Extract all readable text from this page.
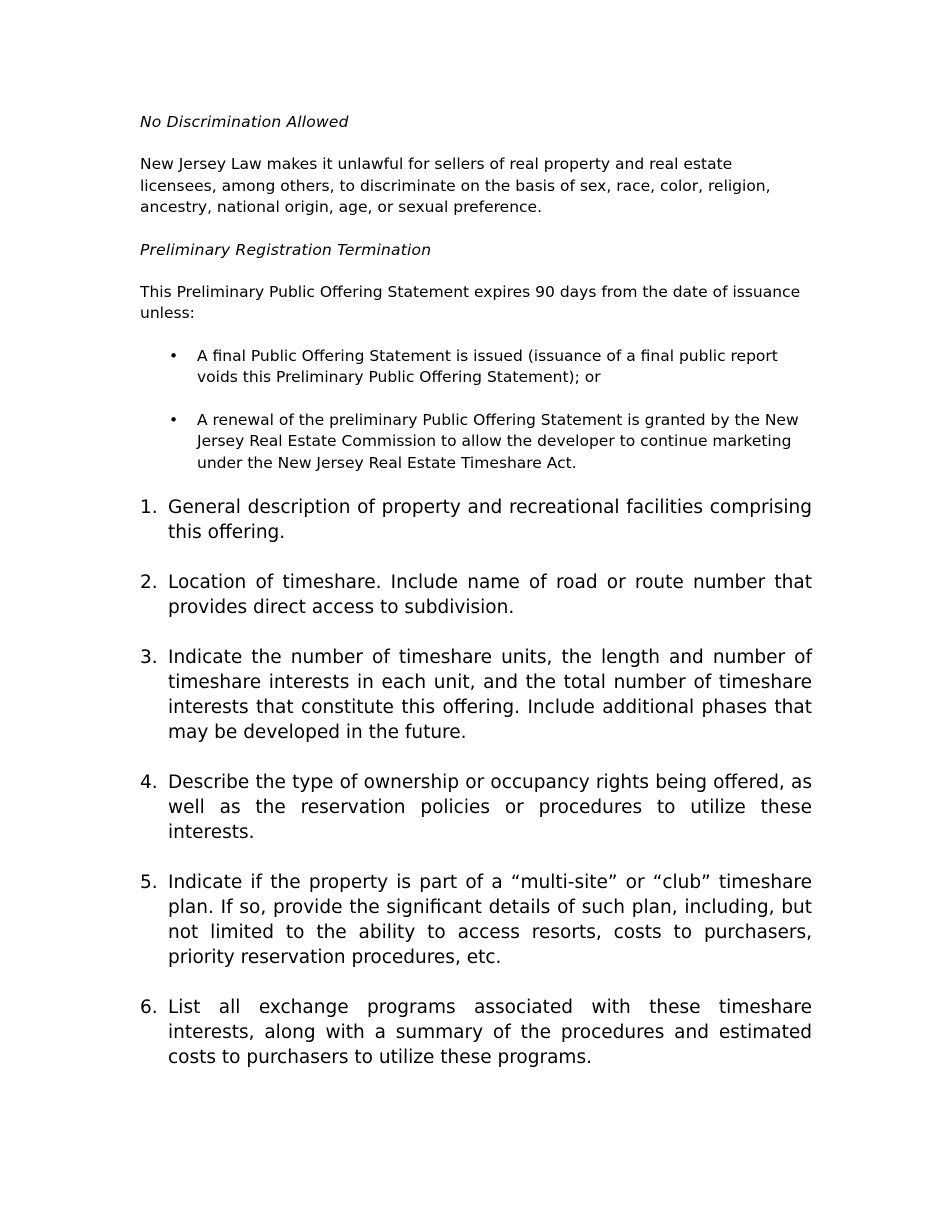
No Discrimination Allowed

New Jersey Law makes it unlawful for sellers of real property and real estate licensees, among others, to discriminate on the basis of sex, race, color, religion, ancestry, national origin, age, or sexual preference.

Preliminary Registration Termination

This Preliminary Public Offering Statement expires 90 days from the date of issuance unless:

• A final Public Offering Statement is issued (issuance of a final public report voids this Preliminary Public Offering Statement); or
• A renewal of the preliminary Public Offering Statement is granted by the New Jersey Real Estate Commission to allow the developer to continue marketing under the New Jersey Real Estate Timeshare Act.
1. General description of property and recreational facilities comprising this offering.
2. Location of timeshare. Include name of road or route number that provides direct access to subdivision.
3. Indicate the number of timeshare units, the length and number of timeshare interests in each unit, and the total number of timeshare interests that constitute this offering. Include additional phases that may be developed in the future.
4. Describe the type of ownership or occupancy rights being offered, as well as the reservation policies or procedures to utilize these interests.
5. Indicate if the property is part of a “multi-site” or “club” timeshare plan. If so, provide the significant details of such plan, including, but not limited to the ability to access resorts, costs to purchasers, priority reservation procedures, etc.
6. List all exchange programs associated with these timeshare interests, along with a summary of the procedures and estimated costs to purchasers to utilize these programs.
